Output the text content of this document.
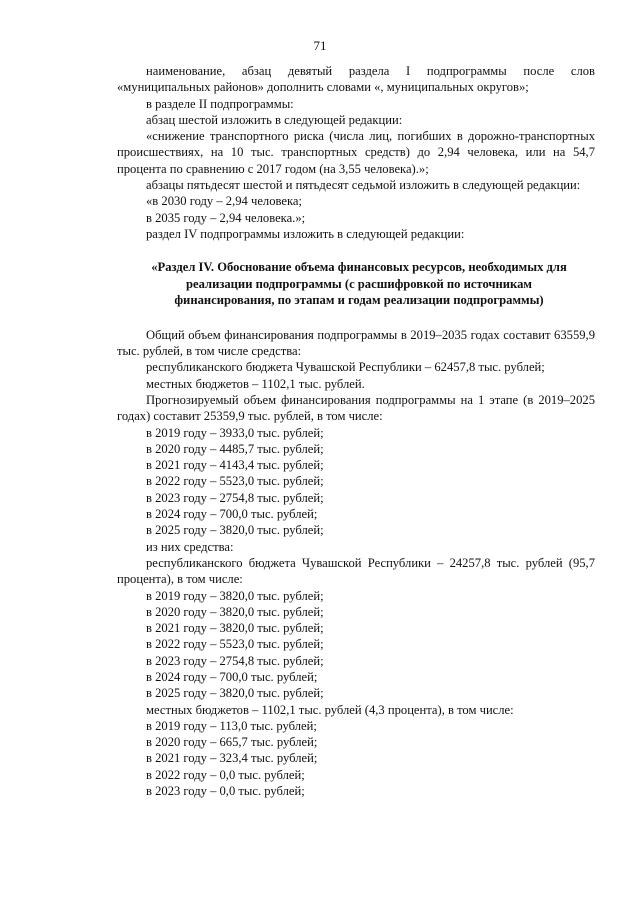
71

наименование, абзац девятый раздела I подпрограммы после слов «муниципальных районов» дополнить словами «, муниципальных округов»;

в разделе II подпрограммы:

абзац шестой изложить в следующей редакции:

«снижение транспортного риска (числа лиц, погибших в дорожно-транспортных происшествиях, на 10 тыс. транспортных средств) до 2,94 человека, или на 54,7 процента по сравнению с 2017 годом (на 3,55 человека).»;

абзацы пятьдесят шестой и пятьдесят седьмой изложить в следующей редакции:

«в 2030 году – 2,94 человека;

в 2035 году – 2,94 человека.»;

раздел IV подпрограммы изложить в следующей редакции:

«Раздел IV. Обоснование объема финансовых ресурсов, необходимых для реализации подпрограммы (с расшифровкой по источникам финансирования, по этапам и годам реализации подпрограммы)

Общий объем финансирования подпрограммы в 2019–2035 годах составит 63559,9 тыс. рублей, в том числе средства:

республиканского бюджета Чувашской Республики – 62457,8 тыс. рублей;

местных бюджетов – 1102,1 тыс. рублей.

Прогнозируемый объем финансирования подпрограммы на 1 этапе (в 2019–2025 годах) составит 25359,9 тыс. рублей, в том числе:

в 2019 году – 3933,0 тыс. рублей;
в 2020 году – 4485,7 тыс. рублей;
в 2021 году – 4143,4 тыс. рублей;
в 2022 году – 5523,0 тыс. рублей;
в 2023 году – 2754,8 тыс. рублей;
в 2024 году – 700,0 тыс. рублей;
в 2025 году – 3820,0 тыс. рублей;

из них средства:

республиканского бюджета Чувашской Республики – 24257,8 тыс. рублей (95,7 процента), в том числе:

в 2019 году – 3820,0 тыс. рублей;
в 2020 году – 3820,0 тыс. рублей;
в 2021 году – 3820,0 тыс. рублей;
в 2022 году – 5523,0 тыс. рублей;
в 2023 году – 2754,8 тыс. рублей;
в 2024 году – 700,0 тыс. рублей;
в 2025 году – 3820,0 тыс. рублей;

местных бюджетов – 1102,1 тыс. рублей (4,3 процента), в том числе:

в 2019 году – 113,0 тыс. рублей;
в 2020 году – 665,7 тыс. рублей;
в 2021 году – 323,4 тыс. рублей;
в 2022 году – 0,0 тыс. рублей;
в 2023 году – 0,0 тыс. рублей;
